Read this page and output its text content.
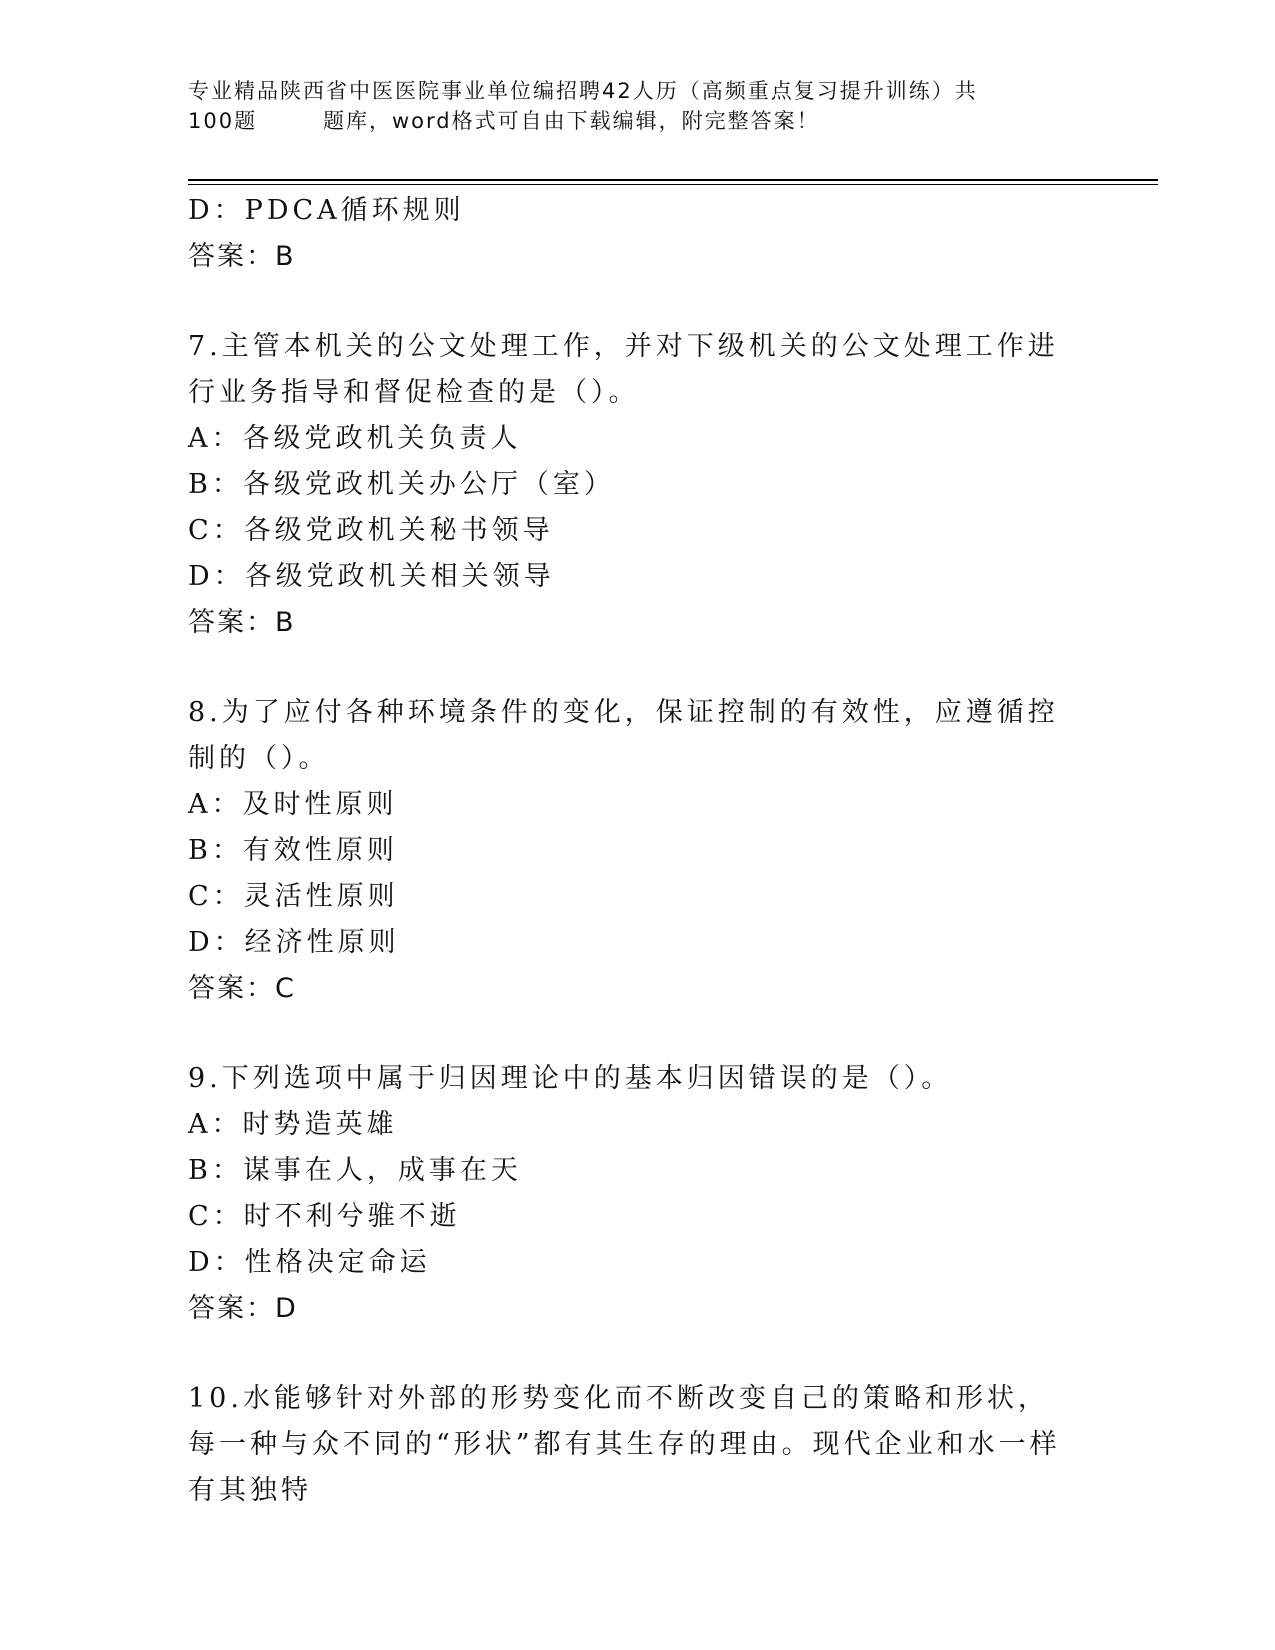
专业精品陕西省中医医院事业单位编招聘42人历（高频重点复习提升训练）共
100题	题库，word格式可自由下载编辑，附完整答案！
D：PDCA循环规则
答案：B
7.主管本机关的公文处理工作，并对下级机关的公文处理工作进行业务指导和督促检查的是（）。
A：各级党政机关负责人
B：各级党政机关办公厅（室）
C：各级党政机关秘书领导
D：各级党政机关相关领导
答案：B
8.为了应付各种环境条件的变化，保证控制的有效性，应遵循控制的（）。
A：及时性原则
B：有效性原则
C：灵活性原则
D：经济性原则
答案：C
9.下列选项中属于归因理论中的基本归因错误的是（）。
A：时势造英雄
B：谋事在人，成事在天
C：时不利兮骓不逝
D：性格决定命运
答案：D
10.水能够针对外部的形势变化而不断改变自己的策略和形状，每一种与众不同的“形状”都有其生存的理由。现代企业和水一样有其独特
